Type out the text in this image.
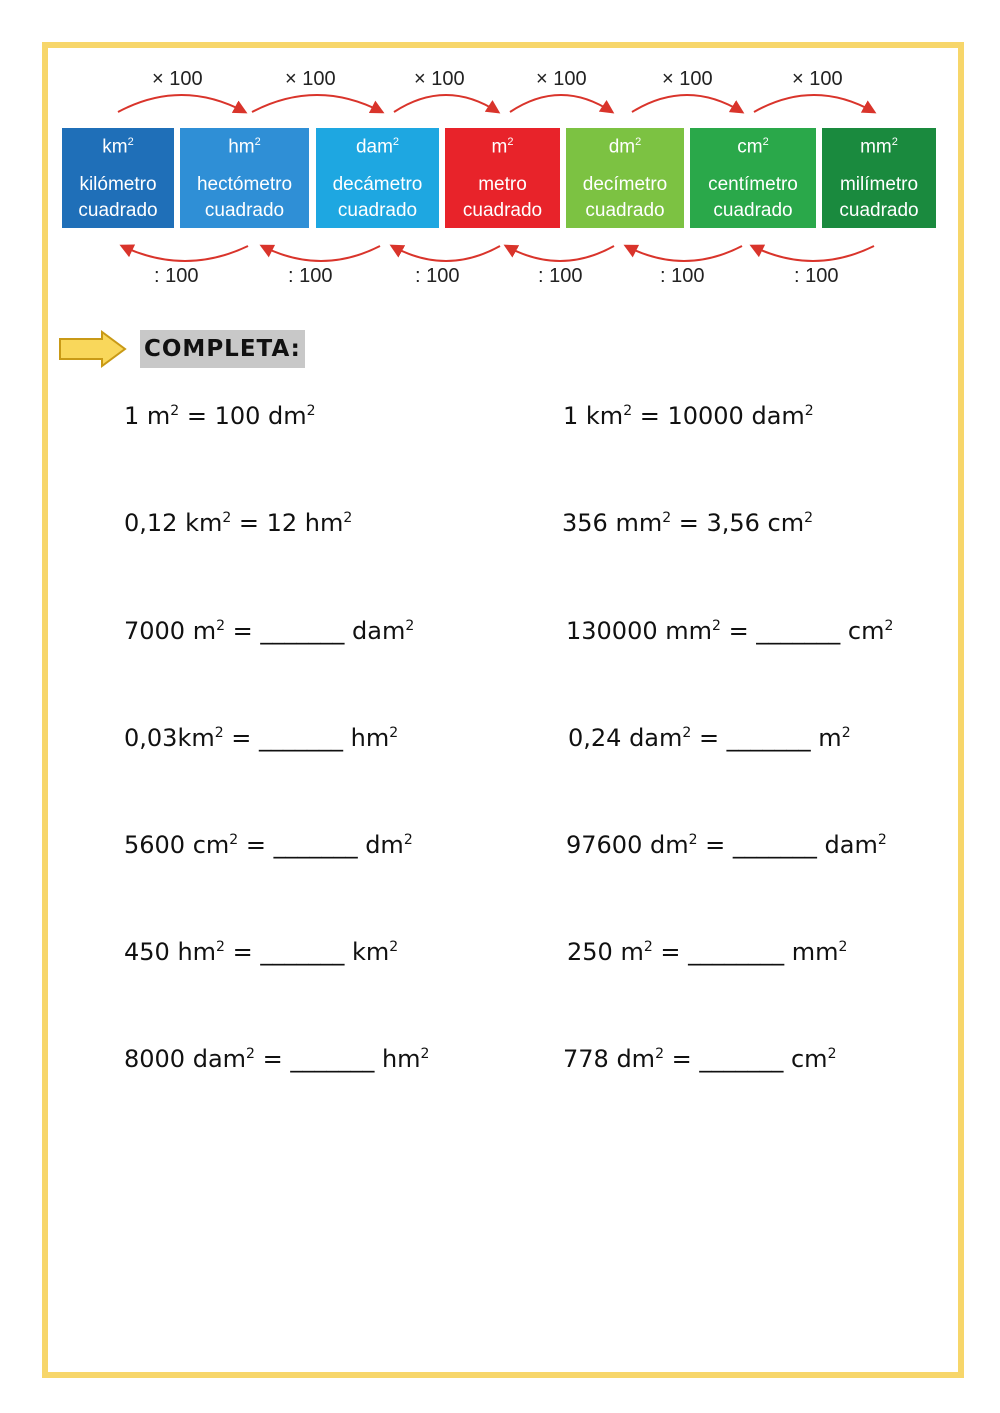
$km^2$
kilómetro
cuadrado
$hm^2$
hectómetro
cuadrado
dam$^2$
decámetro
cuadrado
$m^2$
metro
cuadrado
$dm^2$
decímetro
cuadrado
$cm^2$
centímetro
cuadrado
$mm^2$
milímetro
cuadrado
× 100	× 100	× 100	× 100	× 100	× 100
: 100	: 100	: 100	: 100	: 100	: 100
COMPLETA:
1 $m^2 = 100$ $dm^2$
0,12 $km^2 = 12$ $hm^2$
7000 $m^2$ = _______ dam$^2$
$0,03km^2$ = _______ $hm^2$
5600 $cm^2$ = _______ $dm^2$
450 $hm^2$ = _______ $km^2$
8000 dam$^2$ = _______ $hm^2$
1 $km^2 = 10000$ dam$^2$
356 $mm^2 = 3,56$ $cm^2$
130000 $mm^2$ = _______ $cm^2$
0,24 dam$^2$ = _______ $m^2$
97600 $dm^2$ = _______ dam$^2$
250 $m^2$ = ________ $mm^2$
778 $dm^2$ = _______ $cm^2$
